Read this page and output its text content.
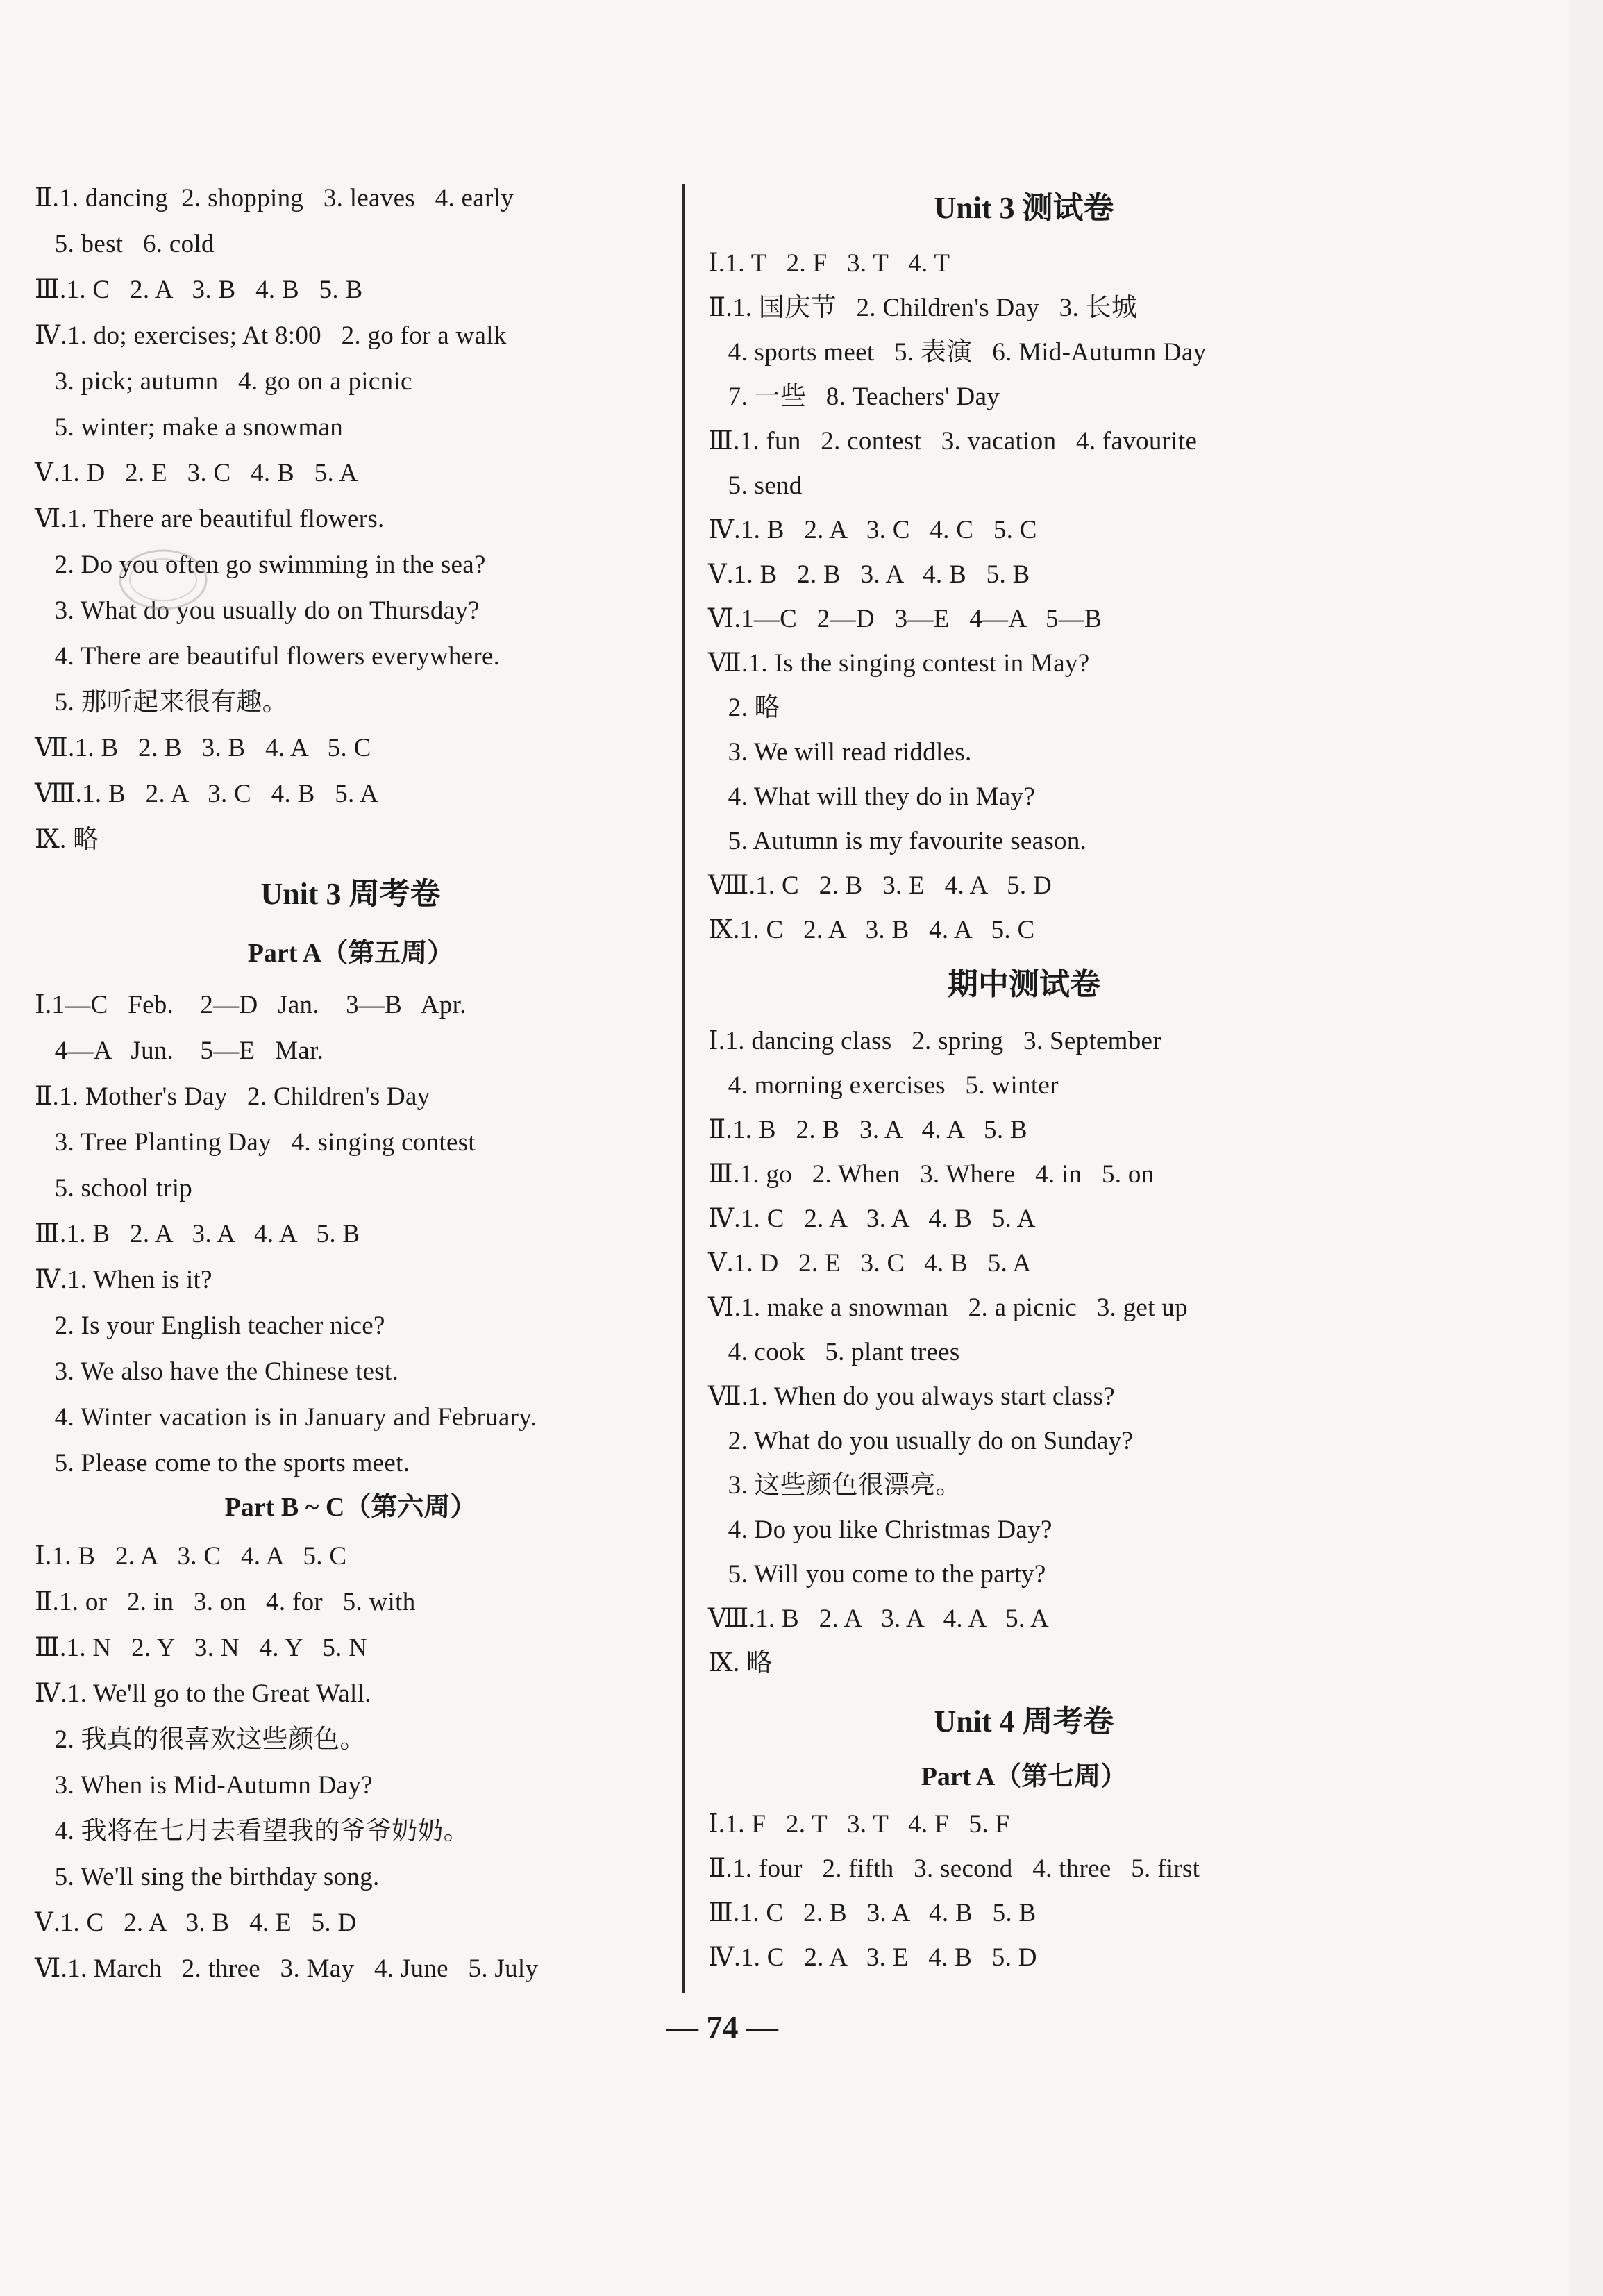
Ⅱ.1. dancing  2. shopping   3. leaves   4. early
5. best   6. cold
Ⅲ.1. C   2. A   3. B   4. B   5. B
Ⅳ.1. do; exercises; At 8:00   2. go for a walk
3. pick; autumn   4. go on a picnic
5. winter; make a snowman
Ⅴ.1. D   2. E   3. C   4. B   5. A
Ⅵ.1. There are beautiful flowers.
2. Do you often go swimming in the sea?
3. What do you usually do on Thursday?
4. There are beautiful flowers everywhere.
5. 那听起来很有趣。
Ⅶ.1. B   2. B   3. B   4. A   5. C
Ⅷ.1. B   2. A   3. C   4. B   5. A
Ⅸ. 略
Unit 3 周考卷
Part A（第五周）
Ⅰ.1—C   Feb.    2—D   Jan.    3—B   Apr.
4—A   Jun.    5—E   Mar.
Ⅱ.1. Mother's Day   2. Children's Day
3. Tree Planting Day   4. singing contest
5. school trip
Ⅲ.1. B   2. A   3. A   4. A   5. B
Ⅳ.1. When is it?
2. Is your English teacher nice?
3. We also have the Chinese test.
4. Winter vacation is in January and February.
5. Please come to the sports meet.
Part B ~ C（第六周）
Ⅰ.1. B   2. A   3. C   4. A   5. C
Ⅱ.1. or   2. in   3. on   4. for   5. with
Ⅲ.1. N   2. Y   3. N   4. Y   5. N
Ⅳ.1. We'll go to the Great Wall.
2. 我真的很喜欢这些颜色。
3. When is Mid-Autumn Day?
4. 我将在七月去看望我的爷爷奶奶。
5. We'll sing the birthday song.
Ⅴ.1. C   2. A   3. B   4. E   5. D
Ⅵ.1. March   2. three   3. May   4. June   5. July
Unit 3 测试卷
Ⅰ.1. T   2. F   3. T   4. T
Ⅱ.1. 国庆节   2. Children's Day   3. 长城
4. sports meet   5. 表演   6. Mid-Autumn Day
7. 一些   8. Teachers' Day
Ⅲ.1. fun   2. contest   3. vacation   4. favourite
5. send
Ⅳ.1. B   2. A   3. C   4. C   5. C
Ⅴ.1. B   2. B   3. A   4. B   5. B
Ⅵ.1—C   2—D   3—E   4—A   5—B
Ⅶ.1. Is the singing contest in May?
2. 略
3. We will read riddles.
4. What will they do in May?
5. Autumn is my favourite season.
Ⅷ.1. C   2. B   3. E   4. A   5. D
Ⅸ.1. C   2. A   3. B   4. A   5. C
期中测试卷
Ⅰ.1. dancing class   2. spring   3. September
4. morning exercises   5. winter
Ⅱ.1. B   2. B   3. A   4. A   5. B
Ⅲ.1. go   2. When   3. Where   4. in   5. on
Ⅳ.1. C   2. A   3. A   4. B   5. A
Ⅴ.1. D   2. E   3. C   4. B   5. A
Ⅵ.1. make a snowman   2. a picnic   3. get up
4. cook   5. plant trees
Ⅶ.1. When do you always start class?
2. What do you usually do on Sunday?
3. 这些颜色很漂亮。
4. Do you like Christmas Day?
5. Will you come to the party?
Ⅷ.1. B   2. A   3. A   4. A   5. A
Ⅸ. 略
Unit 4 周考卷
Part A（第七周）
Ⅰ.1. F   2. T   3. T   4. F   5. F
Ⅱ.1. four   2. fifth   3. second   4. three   5. first
Ⅲ.1. C   2. B   3. A   4. B   5. B
Ⅳ.1. C   2. A   3. E   4. B   5. D
— 74 —
